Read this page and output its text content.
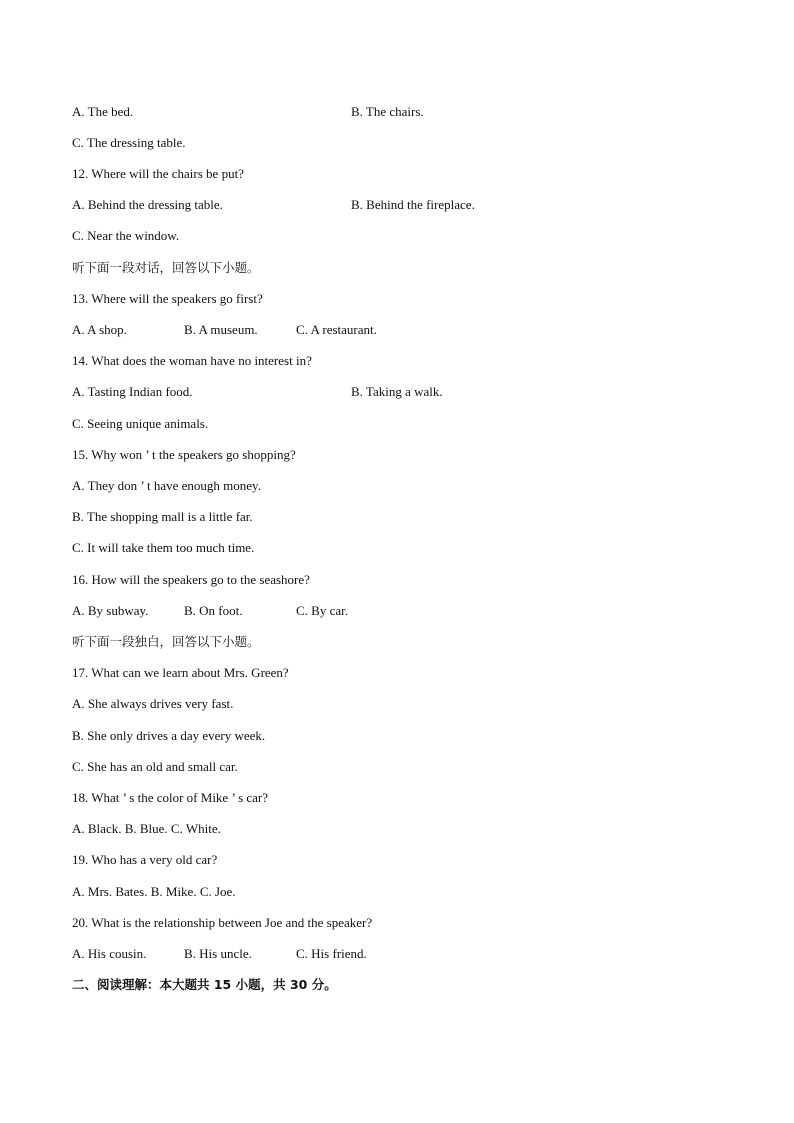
A. The bed.	B. The chairs.
C. The dressing table.
12. Where will the chairs be put?
A. Behind the dressing table.	B. Behind the fireplace.
C. Near the window.
听下面一段对话，回答以下小题。
13. Where will the speakers go first?
A. A shop.	B. A museum.	C. A restaurant.
14. What does the woman have no interest in?
A. Tasting Indian food.	B. Taking a walk.
C. Seeing unique animals.
15. Why won ’ t the speakers go shopping?
A. They don ’ t have enough money.
B. The shopping mall is a little far.
C. It will take them too much time.
16. How will the speakers go to the seashore?
A. By subway.	B. On foot.	C. By car.
听下面一段独白，回答以下小题。
17. What can we learn about Mrs. Green?
A. She always drives very fast.
B. She only drives a day every week.
C. She has an old and small car.
18. What ’ s the color of Mike ’ s car?
A. Black. B. Blue. C. White.
19. Who has a very old car?
A. Mrs. Bates. B. Mike. C. Joe.
20. What is the relationship between Joe and the speaker?
A. His cousin.	B. His uncle.	C. His friend.
二、阅读理解：本大题共 15 小题，共 30 分。
